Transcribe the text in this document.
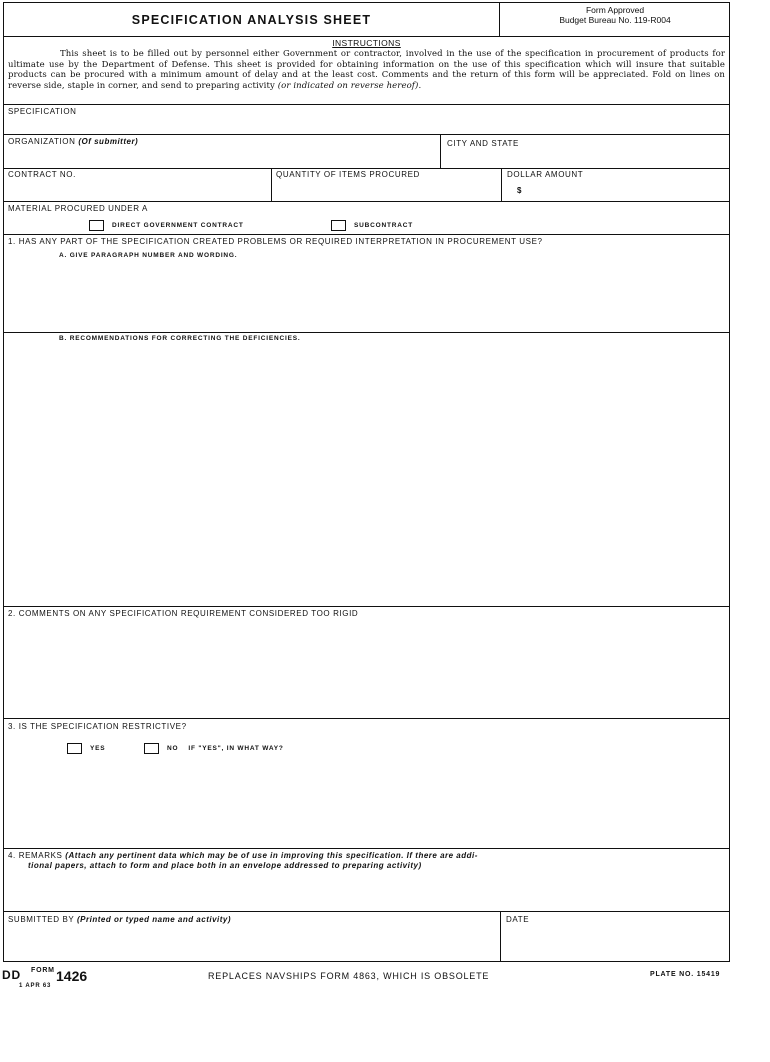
SPECIFICATION ANALYSIS SHEET
Form Approved
Budget Bureau No. 119-R004
INSTRUCTIONS
This sheet is to be filled out by personnel either Government or contractor, involved in the use of the specification in procurement of products for ultimate use by the Department of Defense. This sheet is provided for obtaining information on the use of this specification which will insure that suitable products can be procured with a minimum amount of delay and at the least cost. Comments and the return of this form will be appreciated. Fold on lines on reverse side, staple in corner, and send to preparing activity (or indicated on reverse hereof).
SPECIFICATION
ORGANIZATION (Of submitter)	CITY AND STATE
CONTRACT NO.	QUANTITY OF ITEMS PROCURED	DOLLAR AMOUNT
$
MATERIAL PROCURED UNDER A
DIRECT GOVERNMENT CONTRACT	SUBCONTRACT
1. HAS ANY PART OF THE SPECIFICATION CREATED PROBLEMS OR REQUIRED INTERPRETATION IN PROCUREMENT USE?
A. GIVE PARAGRAPH NUMBER AND WORDING.
B. RECOMMENDATIONS FOR CORRECTING THE DEFICIENCIES.
2. COMMENTS ON ANY SPECIFICATION REQUIREMENT CONSIDERED TOO RIGID
3. IS THE SPECIFICATION RESTRICTIVE?
YES	NO IF "YES", IN WHAT WAY?
4. REMARKS (Attach any pertinent data which may be of use in improving this specification. If there are addi-
tional papers, attach to form and place both in an envelope addressed to preparing activity)
SUBMITTED BY (Printed or typed name and activity)	DATE
DD FORM 1426
1 APR 63
REPLACES NAVSHIPS FORM 4863, WHICH IS OBSOLETE	PLATE NO. 15419
